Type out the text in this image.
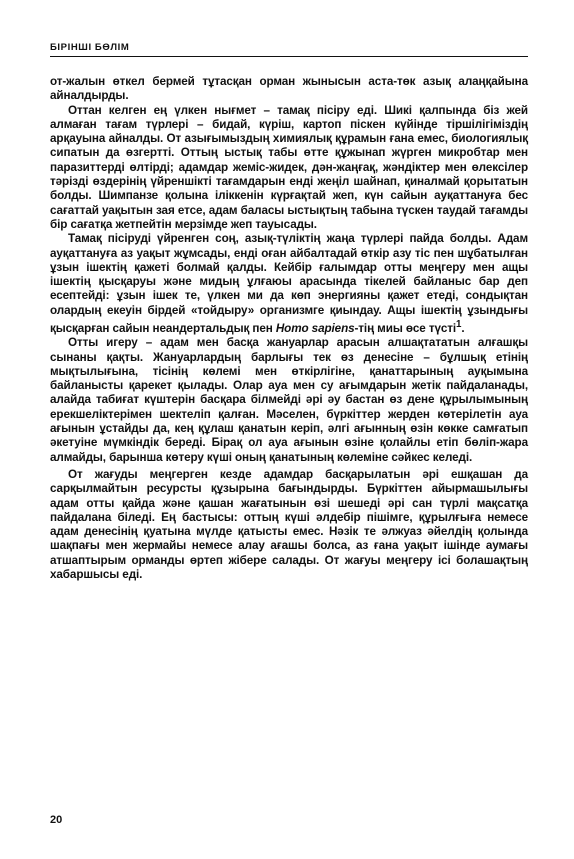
БІРІНШІ БӨЛІМ

от-жалын өткел бермей тұтасқан орман жынысын аста-төк азық алаңқайына айналдырды.

Оттан келген ең үлкен нығмет – тамақ пісіру еді. Шикі қалпында біз жей алмаған тағам түрлері – бидай, күріш, картоп піскен күйінде тіршілігіміздің арқауына айналды. От азығымыздың химиялық құрамын ғана емес, биологиялық сипатын да өзгертті. Оттың ыстық табы өтте құжынап жүрген микробтар мен паразиттерді өлтірді; адамдар жеміс-жидек, дән-жаңғақ, жәндіктер мен өлексілер тәрізді өздерінің үйреншікті тағамдарын енді жеңіл шайнап, қиналмай қорытатын болды. Шимпанзе қолына іліккенін күрғақтай жеп, күн сайын ауқаттануға бес сағаттай уақытын зая етсе, адам баласы ыстықтың табына түскен таудай тағамды бір сағатқа жетпейтін мерзімде жеп тауысады.

Тамақ пісіруді үйренген соң, азық-түліктің жаңа түрлері пайда болды. Адам ауқаттануға аз уақыт жұмсады, енді оған айбалтадай өткір азу тіс пен шұбатылған ұзын ішектің қажеті болмай қалды. Кейбір ғалымдар отты меңгеру мен ащы ішектің қысқаруы және мидың ұлғаюы арасында тікелей байланыс бар деп есептейді: ұзын ішек те, үлкен ми да көп энергияны қажет етеді, сондықтан олардың екеуін бірдей «тойдыру» организмге қиындау. Ащы ішектің ұзындығы қысқарған сайын неандертальдық пен Homo sapiens-тің миы өсе түсті$^1$.

Отты игеру – адам мен басқа жануарлар арасын алшақтататын алғашқы сынаны қақты. Жануарлардың барлығы тек өз денесіне – бұлшық етінің мықтылығына, тісінің көлемі мен өткірлігіне, қанаттарының ауқымына байланысты қарекет қылады. Олар ауа мен су ағымдарын жетік пайдаланады, алайда табиғат күштерін басқара білмейді әрі әу бастан өз дене құрылымының ерекшеліктерімен шектеліп қалған. Мәселен, бүркіттер жерден көтерілетін ауа ағынын ұстайды да, кең құлаш қанатын керіп, әлгі ағынның өзін көкке самғатып әкетуіне мүмкіндік береді. Бірақ ол ауа ағынын өзіне қолайлы етіп бөліп-жара алмайды, барынша көтеру күші оның қанатының көлеміне сәйкес келеді.

От жағуды меңгерген кезде адамдар басқарылатын әрі ешқашан да сарқылмайтын ресурсты құзырына бағындырды. Бүркіттен айырмашылығы адам отты қайда және қашан жағатынын өзі шешеді әрі сан түрлі мақсатқа пайдалана біледі. Ең бастысы: оттың күші әлдебір пішімге, құрылғыға немесе адам денесінің қуатына мүлде қатысты емес. Нәзік те әлжуаз әйелдің қолында шақпағы мен жермайы немесе алау ағашы болса, аз ғана уақыт ішінде аумағы атшаптырым орманды өртеп жібере салады. От жағуы меңгеру ісі болашақтың хабаршысы еді.

20
